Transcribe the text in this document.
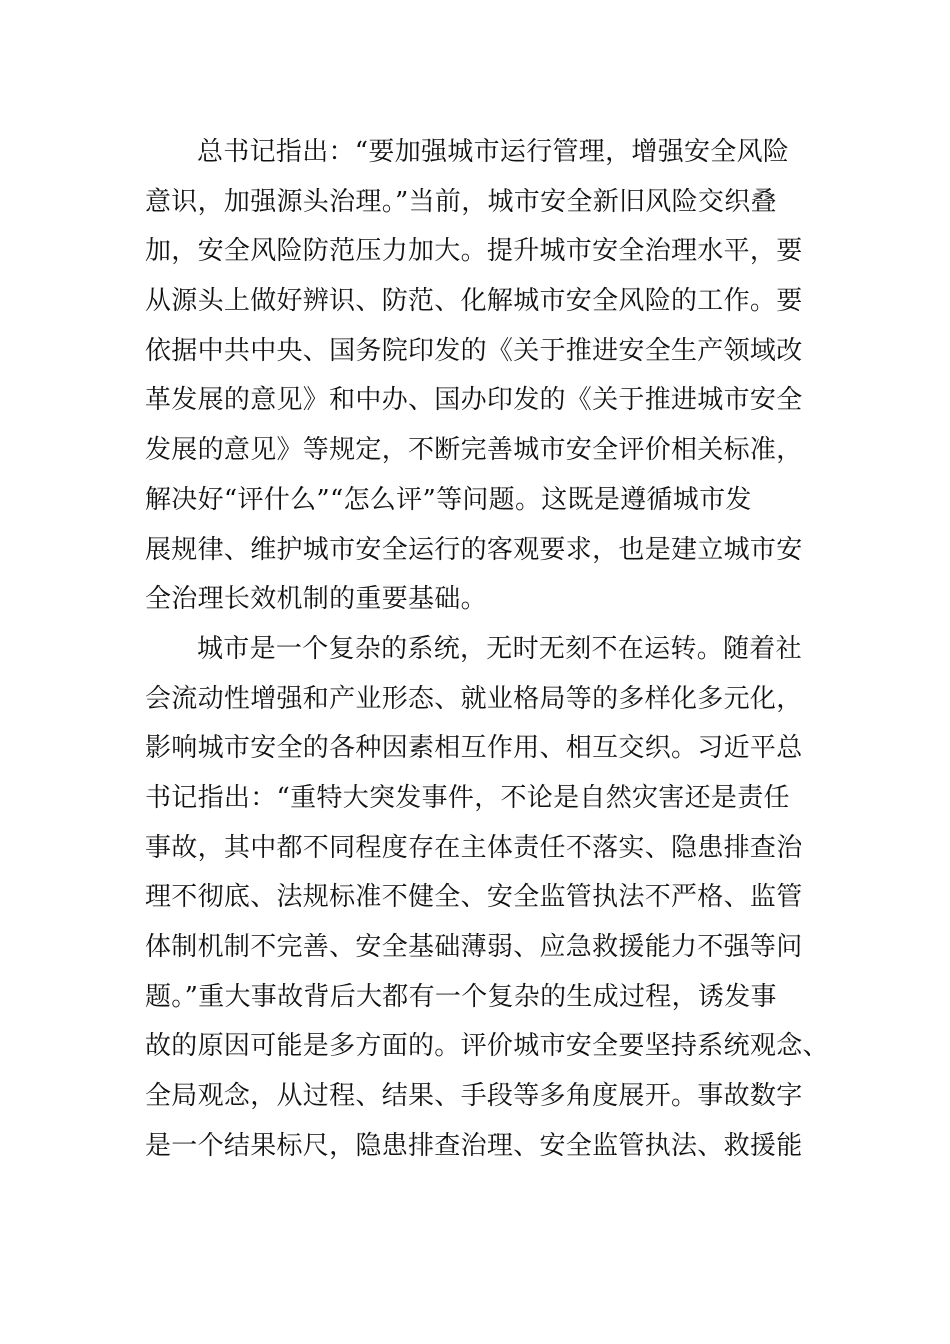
总书记指出：“要加强城市运行管理，增强安全风险
意识，加强源头治理。”当前，城市安全新旧风险交织叠
加，安全风险防范压力加大。提升城市安全治理水平，要
从源头上做好辨识、防范、化解城市安全风险的工作。要
依据中共中央、国务院印发的《关于推进安全生产领域改
革发展的意见》和中办、国办印发的《关于推进城市安全
发展的意见》等规定，不断完善城市安全评价相关标准，
解决好“评什么”“怎么评”等问题。这既是遵循城市发
展规律、维护城市安全运行的客观要求，也是建立城市安
全治理长效机制的重要基础。
城市是一个复杂的系统，无时无刻不在运转。随着社
会流动性增强和产业形态、就业格局等的多样化多元化，
影响城市安全的各种因素相互作用、相互交织。习近平总
书记指出：“重特大突发事件，不论是自然灾害还是责任
事故，其中都不同程度存在主体责任不落实、隐患排查治
理不彻底、法规标准不健全、安全监管执法不严格、监管
体制机制不完善、安全基础薄弱、应急救援能力不强等问
题。”重大事故背后大都有一个复杂的生成过程，诱发事
故的原因可能是多方面的。评价城市安全要坚持系统观念、
全局观念，从过程、结果、手段等多角度展开。事故数字
是一个结果标尺，隐患排查治理、安全监管执法、救援能
